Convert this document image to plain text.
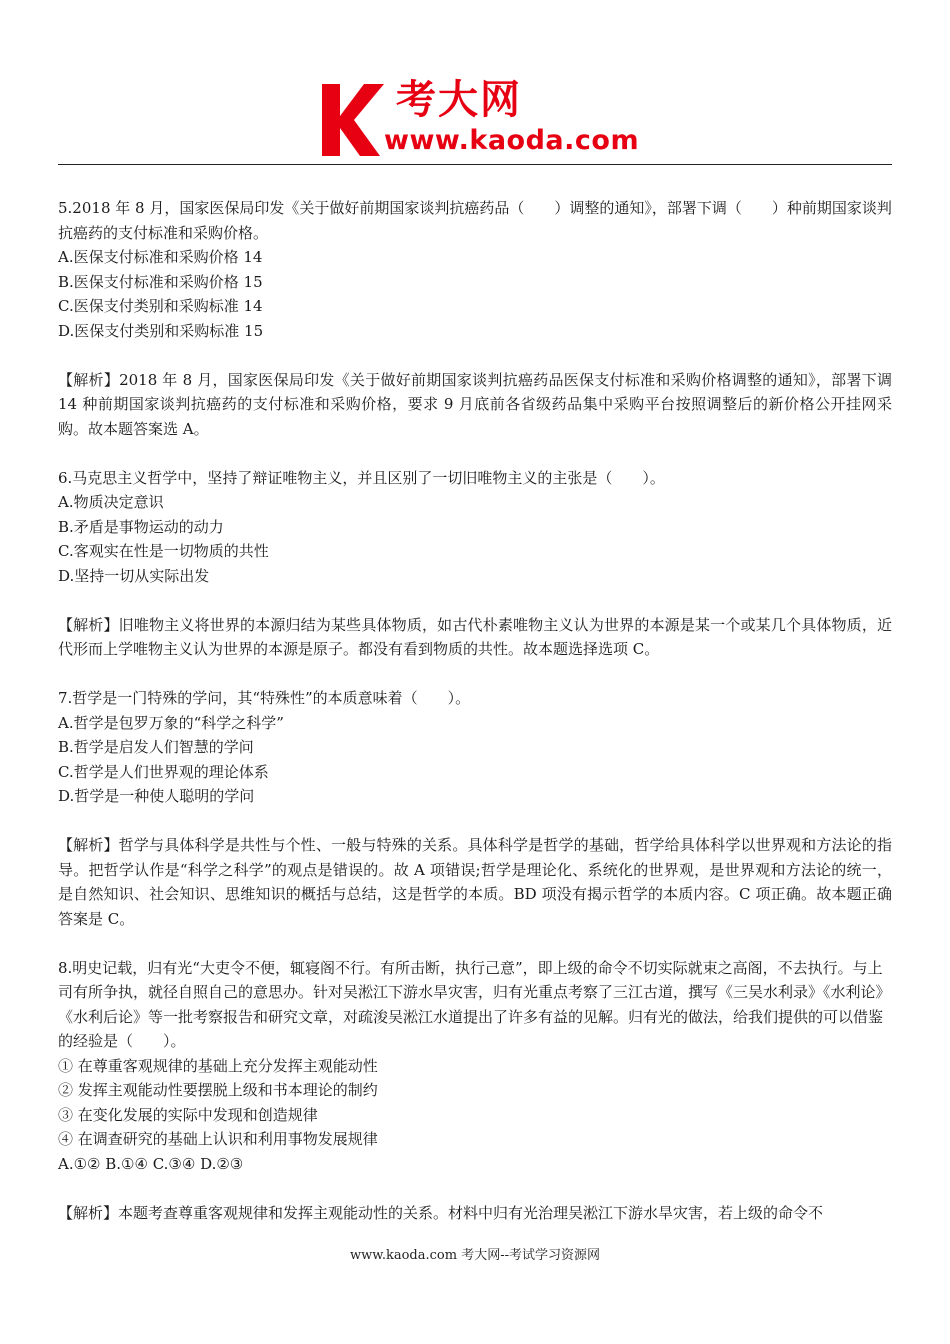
考大网
www.kaoda.com

5.2018 年 8 月，国家医保局印发《关于做好前期国家谈判抗癌药品（　　）调整的通知》，部署下调（　　）种前期国家谈判抗癌药的支付标准和采购价格。

A.医保支付标准和采购价格 14

B.医保支付标准和采购价格 15

C.医保支付类别和采购标准 14

D.医保支付类别和采购标准 15

【解析】2018 年 8 月，国家医保局印发《关于做好前期国家谈判抗癌药品医保支付标准和采购价格调整的通知》，部署下调 14 种前期国家谈判抗癌药的支付标准和采购价格，要求 9 月底前各省级药品集中采购平台按照调整后的新价格公开挂网采购。故本题答案选 A。

6.马克思主义哲学中，坚持了辩证唯物主义，并且区别了一切旧唯物主义的主张是（　　）。

A.物质决定意识

B.矛盾是事物运动的动力

C.客观实在性是一切物质的共性

D.坚持一切从实际出发

【解析】旧唯物主义将世界的本源归结为某些具体物质，如古代朴素唯物主义认为世界的本源是某一个或某几个具体物质，近代形而上学唯物主义认为世界的本源是原子。都没有看到物质的共性。故本题选择选项 C。

7.哲学是一门特殊的学问，其“特殊性”的本质意味着（　　）。

A.哲学是包罗万象的“科学之科学”

B.哲学是启发人们智慧的学问

C.哲学是人们世界观的理论体系

D.哲学是一种使人聪明的学问

【解析】哲学与具体科学是共性与个性、一般与特殊的关系。具体科学是哲学的基础，哲学给具体科学以世界观和方法论的指导。把哲学认作是“科学之科学”的观点是错误的。故 A 项错误;哲学是理论化、系统化的世界观，是世界观和方法论的统一，是自然知识、社会知识、思维知识的概括与总结，这是哲学的本质。BD 项没有揭示哲学的本质内容。C 项正确。故本题正确答案是 C。

8.明史记载，归有光“大吏令不便，辄寝阁不行。有所击断，执行己意”，即上级的命令不切实际就束之高阁，不去执行。与上司有所争执，就径自照自己的意思办。针对吴淞江下游水旱灾害，归有光重点考察了三江古道，撰写《三吴水利录》《水利论》《水利后论》等一批考察报告和研究文章，对疏浚吴淞江水道提出了许多有益的见解。归有光的做法，给我们提供的可以借鉴的经验是（　　）。

① 在尊重客观规律的基础上充分发挥主观能动性

② 发挥主观能动性要摆脱上级和书本理论的制约

③ 在变化发展的实际中发现和创造规律

④ 在调查研究的基础上认识和利用事物发展规律

A.①② B.①④ C.③④ D.②③

【解析】本题考查尊重客观规律和发挥主观能动性的关系。材料中归有光治理吴淞江下游水旱灾害，若上级的命令不

www.kaoda.com 考大网--考试学习资源网
